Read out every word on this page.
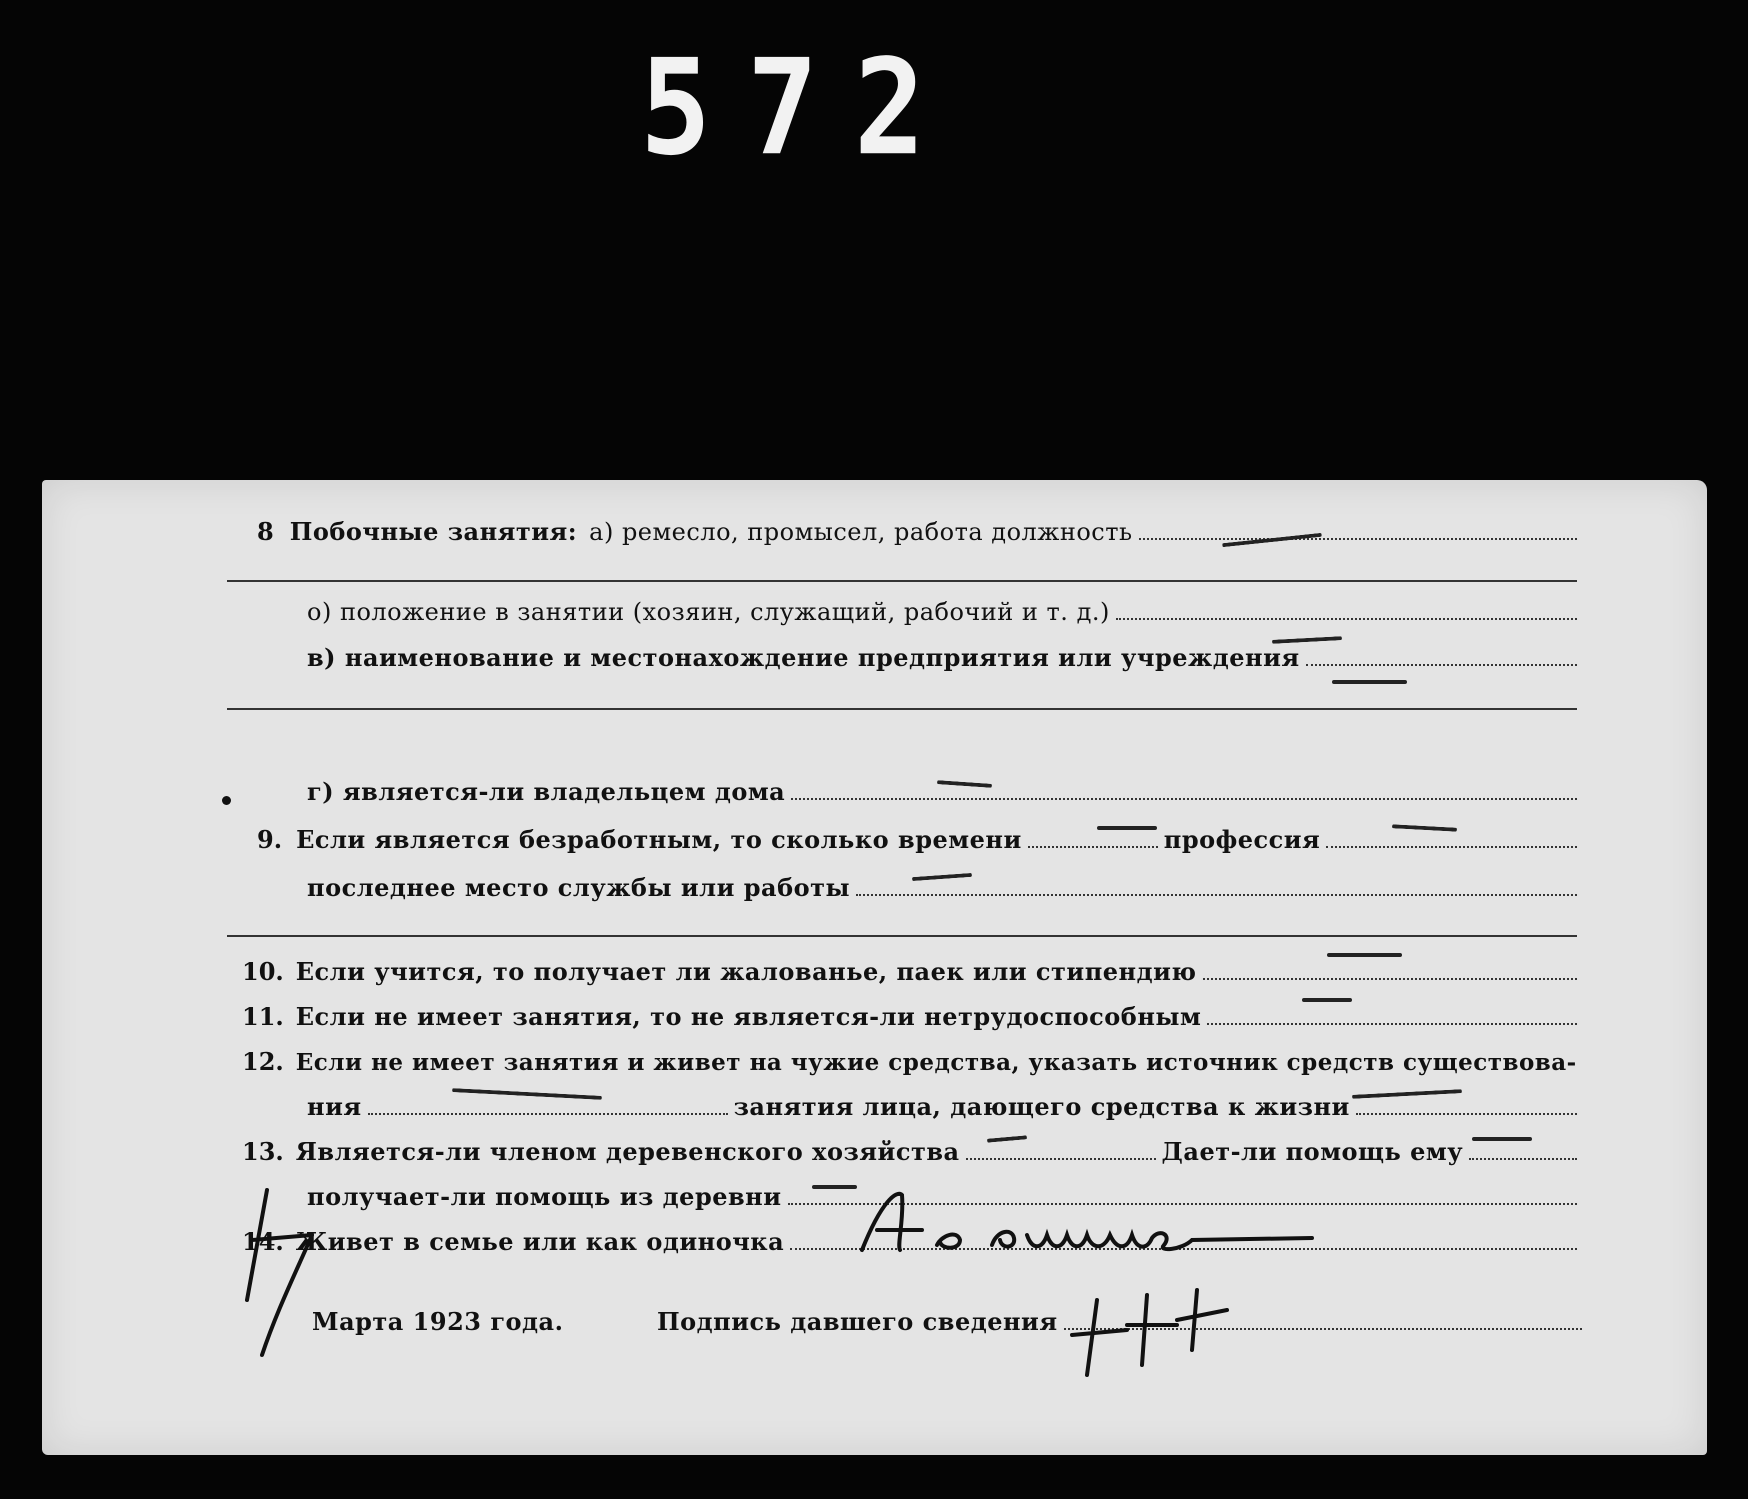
572
8 Побочные занятия: а) ремесло, промысел, работа должность
о) положение в занятии (хозяин, служащий, рабочий и т. д.)
в) наименование и местонахождение предприятия или учреждения
г) является-ли владельцем дома
9. Если является безработным, то сколько времени	профессия
последнее место службы или работы
10. Если учится, то получает ли жалованье, паек или стипендию
11. Если не имеет занятия, то не является-ли нетрудоспособным
12. Если не имеет занятия и живет на чужие средства, указать источник средств существова-
ния	занятия лица, дающего средства к жизни
13. Является-ли членом деревенского хозяйства	Дает-ли помощь ему
получает-ли помощь из деревни
14. Живет в семье или как одиночка
Марта 1923 года.	Подпись давшего сведения
